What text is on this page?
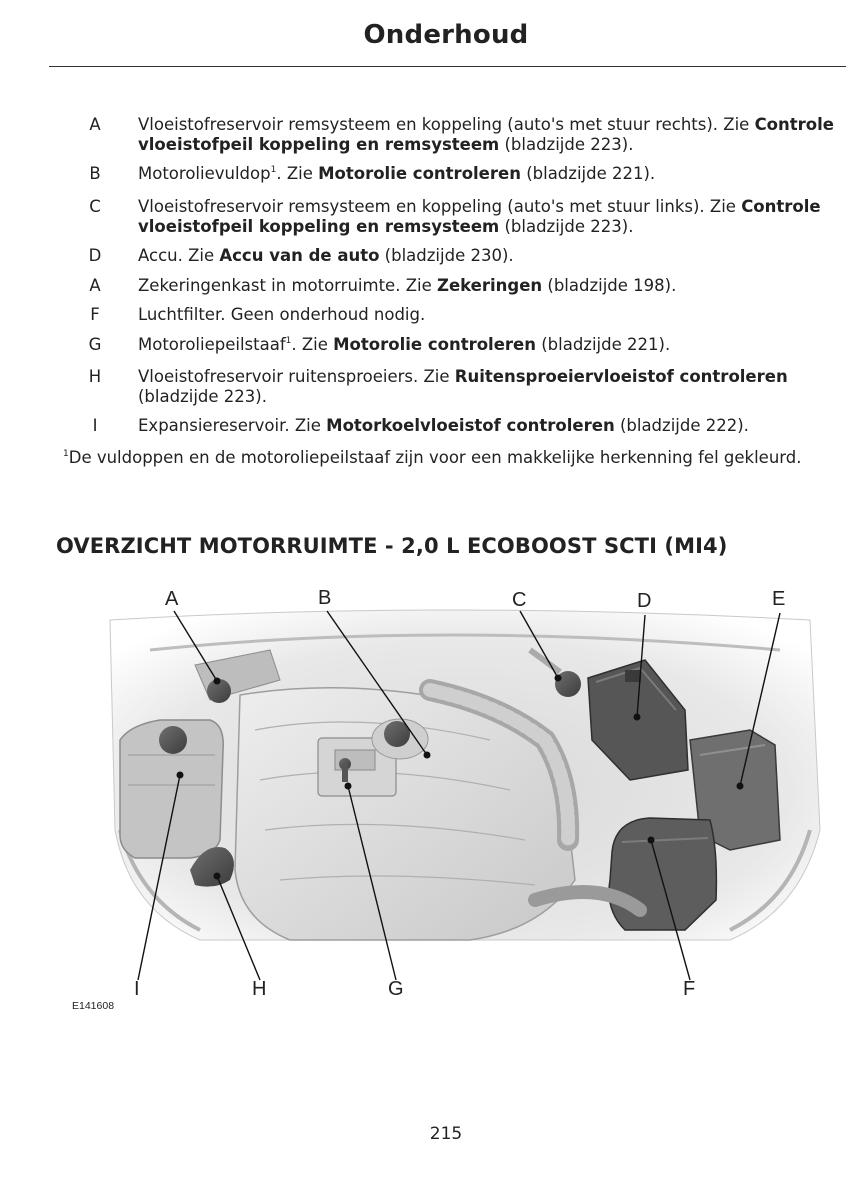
Onderhoud
A	Vloeistofreservoir remsysteem en koppeling (auto's met stuur rechts). Zie Controle vloeistofpeil koppeling en remsysteem (bladzijde 223).
B	Motorolievuldop$^1$. Zie Motorolie controleren (bladzijde 221).
C	Vloeistofreservoir remsysteem en koppeling (auto's met stuur links). Zie Controle vloeistofpeil koppeling en remsysteem (bladzijde 223).
D	Accu. Zie Accu van de auto (bladzijde 230).
A	Zekeringenkast in motorruimte. Zie Zekeringen (bladzijde 198).
F	Luchtfilter. Geen onderhoud nodig.
G	Motoroliepeilstaaf$^1$. Zie Motorolie controleren (bladzijde 221).
H	Vloeistofreservoir ruitensproeiers. Zie Ruitensproeiervloeistof controleren (bladzijde 223).
I	Expansiereservoir. Zie Motorkoelvloeistof controleren (bladzijde 222).
$^1$De vuldoppen en de motoroliepeilstaaf zijn voor een makkelijke herkenning fel gekleurd.
OVERZICHT MOTORRUIMTE - 2,0 L ECOBOOST SCTI (MI4)
A	B	C	D	E
I	H	G	F
E141608
215
